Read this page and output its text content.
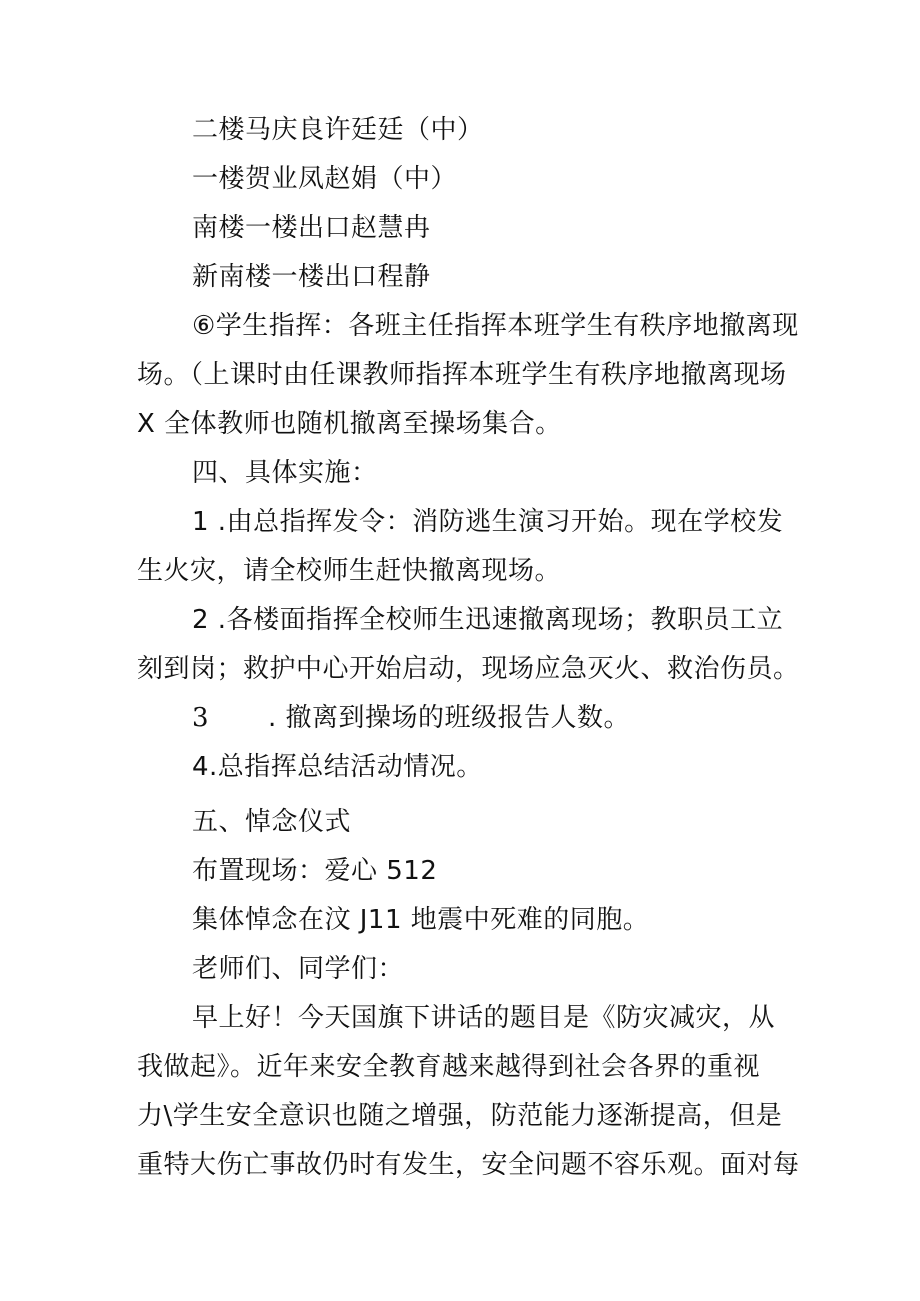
二楼马庆良许廷廷（中）
一楼贺业凤赵娟（中）
南楼一楼出口赵慧冉
新南楼一楼出口程静
⑥学生指挥：各班主任指挥本班学生有秩序地撤离现
场。（上课时由任课教师指挥本班学生有秩序地撤离现场
X 全体教师也随机撤离至操场集合。
四、具体实施：
1 .由总指挥发令：消防逃生演习开始。现在学校发
生火灾，请全校师生赶快撤离现场。
2 .各楼面指挥全校师生迅速撤离现场；教职员工立
刻到岗；救护中心开始启动，现场应急灭火、救治伤员。
3 . 撤离到操场的班级报告人数。
4.总指挥总结活动情况。
五、悼念仪式
布置现场：爱心 512
集体悼念在汶 J11 地震中死难的同胞。
老师们、同学们：
早上好！今天国旗下讲话的题目是《防灾减灾，从
我做起》。近年来安全教育越来越得到社会各界的重视
力\学生安全意识也随之增强，防范能力逐渐提高，但是
重特大伤亡事故仍时有发生，安全问题不容乐观。面对每
